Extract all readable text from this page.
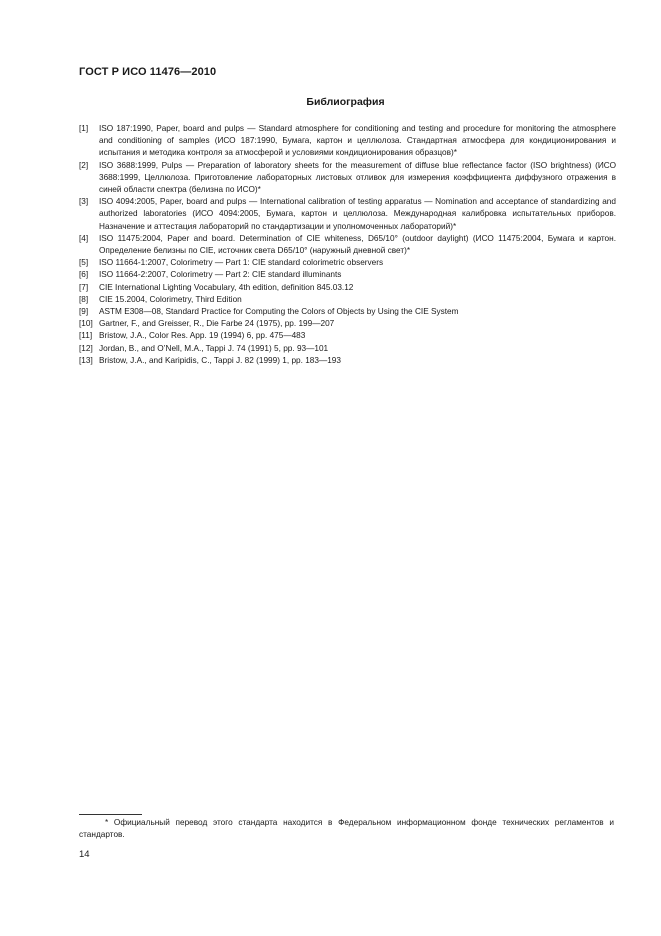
ГОСТ Р ИСО 11476—2010
Библиография
[1]	ISO 187:1990, Paper, board and pulps — Standard atmosphere for conditioning and testing and procedure for monitoring the atmosphere and conditioning of samples (ИСО 187:1990, Бумага, картон и целлюлоза. Стандартная атмосфера для кондиционирования и испытания и методика контроля за атмосферой и условиями кондиционирования образцов)*
[2]	ISO 3688:1999, Pulps — Preparation of laboratory sheets for the measurement of diffuse blue reflectance factor (ISO brightness) (ИСО 3688:1999, Целлюлоза. Приготовление лабораторных листовых отливок для измерения коэффициента диффузного отражения в синей области спектра (белизна по ИСО)*
[3]	ISO 4094:2005, Paper, board and pulps — International calibration of testing apparatus — Nomination and acceptance of standardizing and authorized laboratories (ИСО 4094:2005, Бумага, картон и целлюлоза. Международная калибровка испытательных приборов. Назначение и аттестация лабораторий по стандартизации и уполномоченных лабораторий)*
[4]	ISO 11475:2004, Paper and board. Determination of CIE whiteness, D65/10° (outdoor daylight) (ИСО 11475:2004, Бумага и картон. Определение белизны по CIE, источник света D65/10° (наружный дневной свет)*
[5]	ISO 11664-1:2007, Colorimetry — Part 1: CIE standard colorimetric observers
[6]	ISO 11664-2:2007, Colorimetry — Part 2: CIE standard illuminants
[7]	CIE International Lighting Vocabulary, 4th edition, definition 845.03.12
[8]	CIE 15.2004, Colorimetry, Third Edition
[9]	ASTM E308—08, Standard Practice for Computing the Colors of Objects by Using the CIE System
[10] Gartner, F., and Greisser, R., Die Farbe 24 (1975), pp. 199—207
[11] Bristow, J.A., Color Res. App. 19 (1994) 6, pp. 475—483
[12] Jordan, B., and O’Nell, M.A., Tappi J. 74 (1991) 5, pp. 93—101
[13] Bristow, J.A., and Karipidis, C., Tappi J. 82 (1999) 1, pp. 183—193
* Официальный перевод этого стандарта находится в Федеральном информационном фонде технических регламентов и стандартов.
14
